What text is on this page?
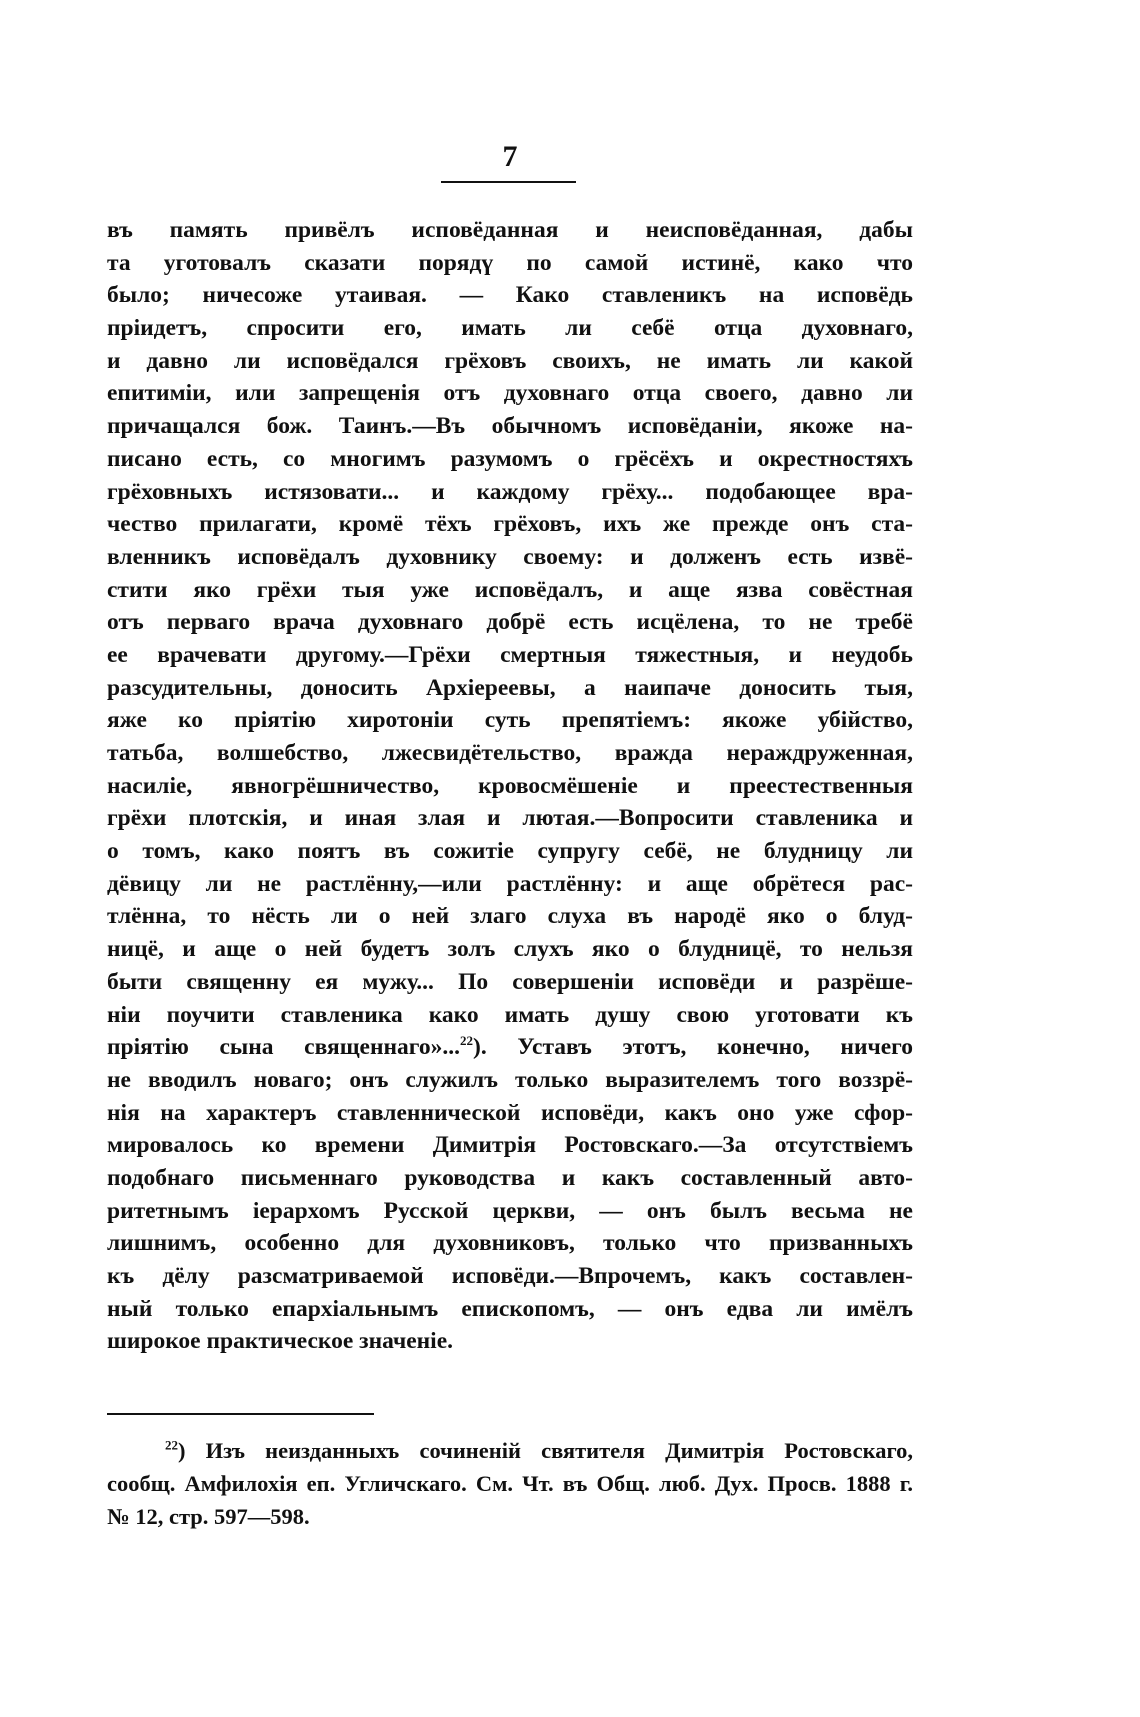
7
въ память привёлъ исповёданная и неисповёданная, дабы
та уготовалъ сказати порядү по самой истинё, како что
было; ничесоже утаивая. — Како ставленикъ на исповёдь
пріидетъ, спросити его, имать ли себё отца духовнаго,
и давно ли исповёдался грёховъ своихъ, не имать ли какой
епитиміи, или запрещенія отъ духовнаго отца своего, давно ли
причащался бож. Таинъ.—Въ обычномъ исповёданіи, якоже на-
писано есть, со многимъ разумомъ о грёсёхъ и окрестностяхъ
грёховныхъ истязовати... и каждому грёху... подобающее вра-
чество прилагати, кромё тёхъ грёховъ, ихъ же прежде онъ ста-
вленникъ исповёдалъ духовнику своему: и долженъ есть извё-
стити яко грёхи тыя уже исповёдалъ, и аще язва совёстная
отъ перваго врача духовнаго добрё есть исцёлена, то не требё
ее врачевати другому.—Грёхи смертныя тяжестныя, и неудобь
разсудительны, доносить Архіереевы, а наипаче доносить тыя,
яже ко пріятію хиротоніи суть препятіемъ: якоже убійство,
татьба, волшебство, лжесвидётельство, вражда нераждруженная,
насиліе, явногрёшничество, кровосмёшеніе и преестественныя
грёхи плотскія, и иная злая и лютая.—Вопросити ставленика и
о томъ, како поятъ въ сожитіе супругу себё, не блудницу ли
дёвицу ли не растлённу,—или растлённу: и аще обрётеся рас-
тлённа, то нёсть ли о ней злаго слуха въ народё яко о блуд-
ницё, и аще о ней будетъ золъ слухъ яко о блудницё, то нельзя
быти священну ея мужу... По совершеніи исповёди и разрёше-
ніи поучити ставленика како имать душу свою уготовати къ
пріятію сына священнаго»...$^{22}$). Уставъ этотъ, конечно, ничего
не вводилъ новаго; онъ служилъ только выразителемъ того воззрё-
нія на характеръ ставленнической исповёди, какъ оно уже сфор-
мировалось ко времени Димитрія Ростовскаго.—За отсутствіемъ
подобнаго письменнаго руководства и какъ составленный авто-
ритетнымъ іерархомъ Русской церкви, — онъ былъ весьма не
лишнимъ, особенно для духовниковъ, только что призванныхъ
къ дёлу разсматриваемой исповёди.—Впрочемъ, какъ составлен-
ный только епархіальнымъ епископомъ, — онъ едва ли имёлъ
широкое практическое значеніе.
$^{22}$) Изъ неизданныхъ сочиненій святителя Димитрія Ростовскаго,
сообщ. Амфилохія еп. Угличскаго. См. Чт. въ Общ. люб. Дух. Просв. 1888 г.
№ 12, стр. 597—598.
